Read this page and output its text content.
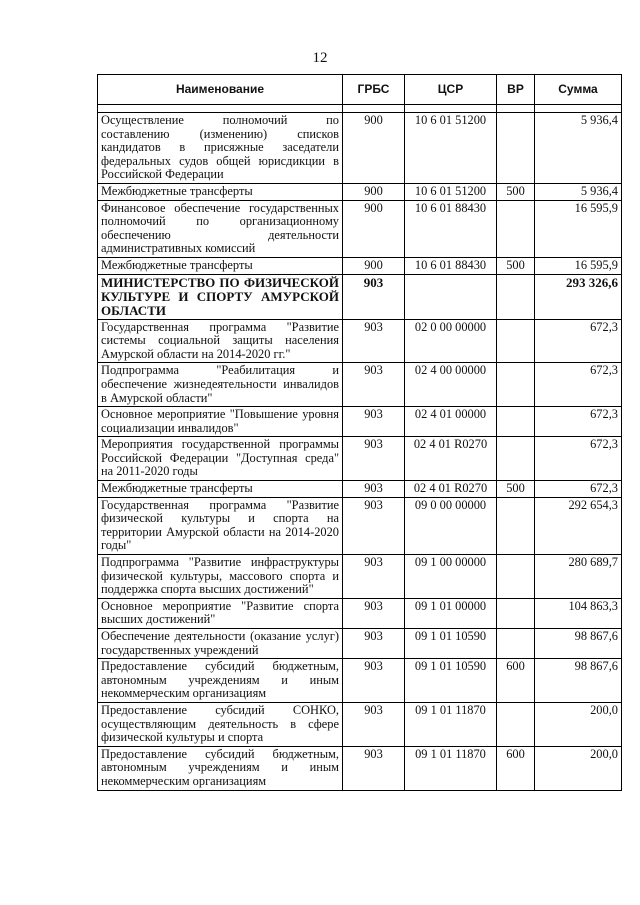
12
Наименование	ГРБС	ЦСР	ВР	Сумма

Осуществление полномочий по составлению (изменению) списков кандидатов в присяжные заседатели федеральных судов общей юрисдикции в Российской Федерации	900	10 6 01 51200		5 936,4
Межбюджетные трансферты	900	10 6 01 51200	500	5 936,4
Финансовое обеспечение государственных полномочий по организационному обеспечению деятельности административных комиссий	900	10 6 01 88430		16 595,9
Межбюджетные трансферты	900	10 6 01 88430	500	16 595,9
МИНИСТЕРСТВО ПО ФИЗИЧЕСКОЙ КУЛЬТУРЕ И СПОРТУ АМУРСКОЙ ОБЛАСТИ	903			293 326,6
Государственная программа "Развитие системы социальной защиты населения Амурской области на 2014-2020 гг."	903	02 0 00 00000		672,3
Подпрограмма "Реабилитация и обеспечение жизнедеятельности инвалидов в Амурской области"	903	02 4 00 00000		672,3
Основное мероприятие "Повышение уровня социализации инвалидов"	903	02 4 01 00000		672,3
Мероприятия государственной программы Российской Федерации "Доступная среда" на 2011-2020 годы	903	02 4 01 R0270		672,3
Межбюджетные трансферты	903	02 4 01 R0270	500	672,3
Государственная программа "Развитие физической культуры и спорта на территории Амурской области на 2014-2020 годы"	903	09 0 00 00000		292 654,3
Подпрограмма "Развитие инфраструктуры физической культуры, массового спорта и поддержка спорта высших достижений"	903	09 1 00 00000		280 689,7
Основное мероприятие "Развитие спорта высших достижений"	903	09 1 01 00000		104 863,3
Обеспечение деятельности (оказание услуг) государственных учреждений	903	09 1 01 10590		98 867,6
Предоставление субсидий бюджетным, автономным учреждениям и иным некоммерческим организациям	903	09 1 01 10590	600	98 867,6
Предоставление субсидий СОНКО, осуществляющим деятельность в сфере физической культуры и спорта	903	09 1 01 11870		200,0
Предоставление субсидий бюджетным, автономным учреждениям и иным некоммерческим организациям	903	09 1 01 11870	600	200,0
